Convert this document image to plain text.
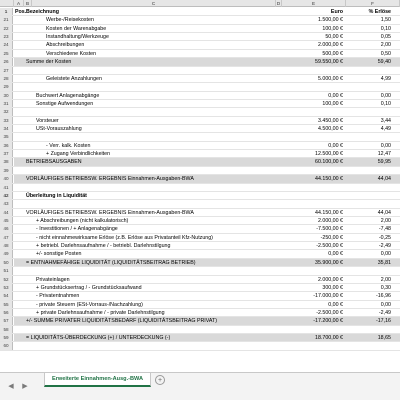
A	B	C	D	E	F
1	Pos. Bezeichnung	Euro	% Erlöse
21	Werbe-/Reisekosten	1.500,00 €	1,50
22	Kosten der Warenabgabe	100,00 €	0,10
23	Instandhaltung/Werkzeuge	50,00 €	0,05
24	Abschreibungen	2.000,00 €	2,00
25	Verschiedene Kosten	500,00 €	0,50
26	Summe der Kosten	59.550,00 €	59,40
27
28	Geleistete Anzahlungen	5.000,00 €	4,99
29
30	Buchwert Anlagenabgänge	0,00 €	0,00
31	Sonstige Aufwendungen	100,00 €	0,10
32
33	Vorsteuer	3.450,00 €	3,44
34	USt-Vorauszahlung	4.500,00 €	4,49
35
36	- Verr. kalk. Kosten	0,00 €	0,00
37	+ Zugang Verbindlichkeiten	12.500,00 €	12,47
38	BETRIEBSAUSGABEN	60.100,00 €	59,95
39
40	VORLÄUFIGES BETRIEBSW. ERGEBNIS Einnahmen-Ausgaben-BWA	44.150,00 €	44,04
41
42	Überleitung in Liquidität
43
44	VORLÄUFIGES BETRIEBSW. ERGEBNIS Einnahmen-Ausgaben-BWA	44.150,00 €	44,04
45	+ Abschreibungen (nicht kalkulatorisch)	2.000,00 €	2,00
46	- Investitionen / + Anlagenabgänge	-7.500,00 €	-7,48
47	- nicht einnahmewirksame Erlöse (z.B. Erlöse aus Privatanteil Kfz-Nutzung)	-250,00 €	-0,25
48	+ betriebl. Darlehnsaufnahme / - betriebl. Darlehnstilgung	-2.500,00 €	-2,49
49	+/- sonstige Posten	0,00 €	0,00
50	= ENTNAHMEFÄHIGE LIQUIDITÄT (LIQUIDITÄTSBEITRAG BETRIEB)	35.900,00 €	35,81
51
52	Privateinlagen	2.000,00 €	2,00
53	+ Grundstücksertrag / - Grundstücksaufwand	300,00 €	0,30
54	- Privatentnahmen	-17.000,00 €	-16,96
55	- private Steuern (ESt-Vorraus-/Nachzahlung)	0,00 €	0,00
56	+ private Darlehnsaufnahme / - private Darlehnstilgung	-2.500,00 €	-2,49
57	+/- SUMME PRIVATER LIQUIDITÄTSBEDARF (LIQUIDITÄTSBEITRAG PRIVAT)	-17.200,00 €	-17,16
58
59	= LIQUIDITÄTS-ÜBERDECKUNG (+) / UNTERDECKUNG (-)	18.700,00 €	18,65
60
◀	▶
Erweiterte Einnahmen-Ausg.-BWA	+
